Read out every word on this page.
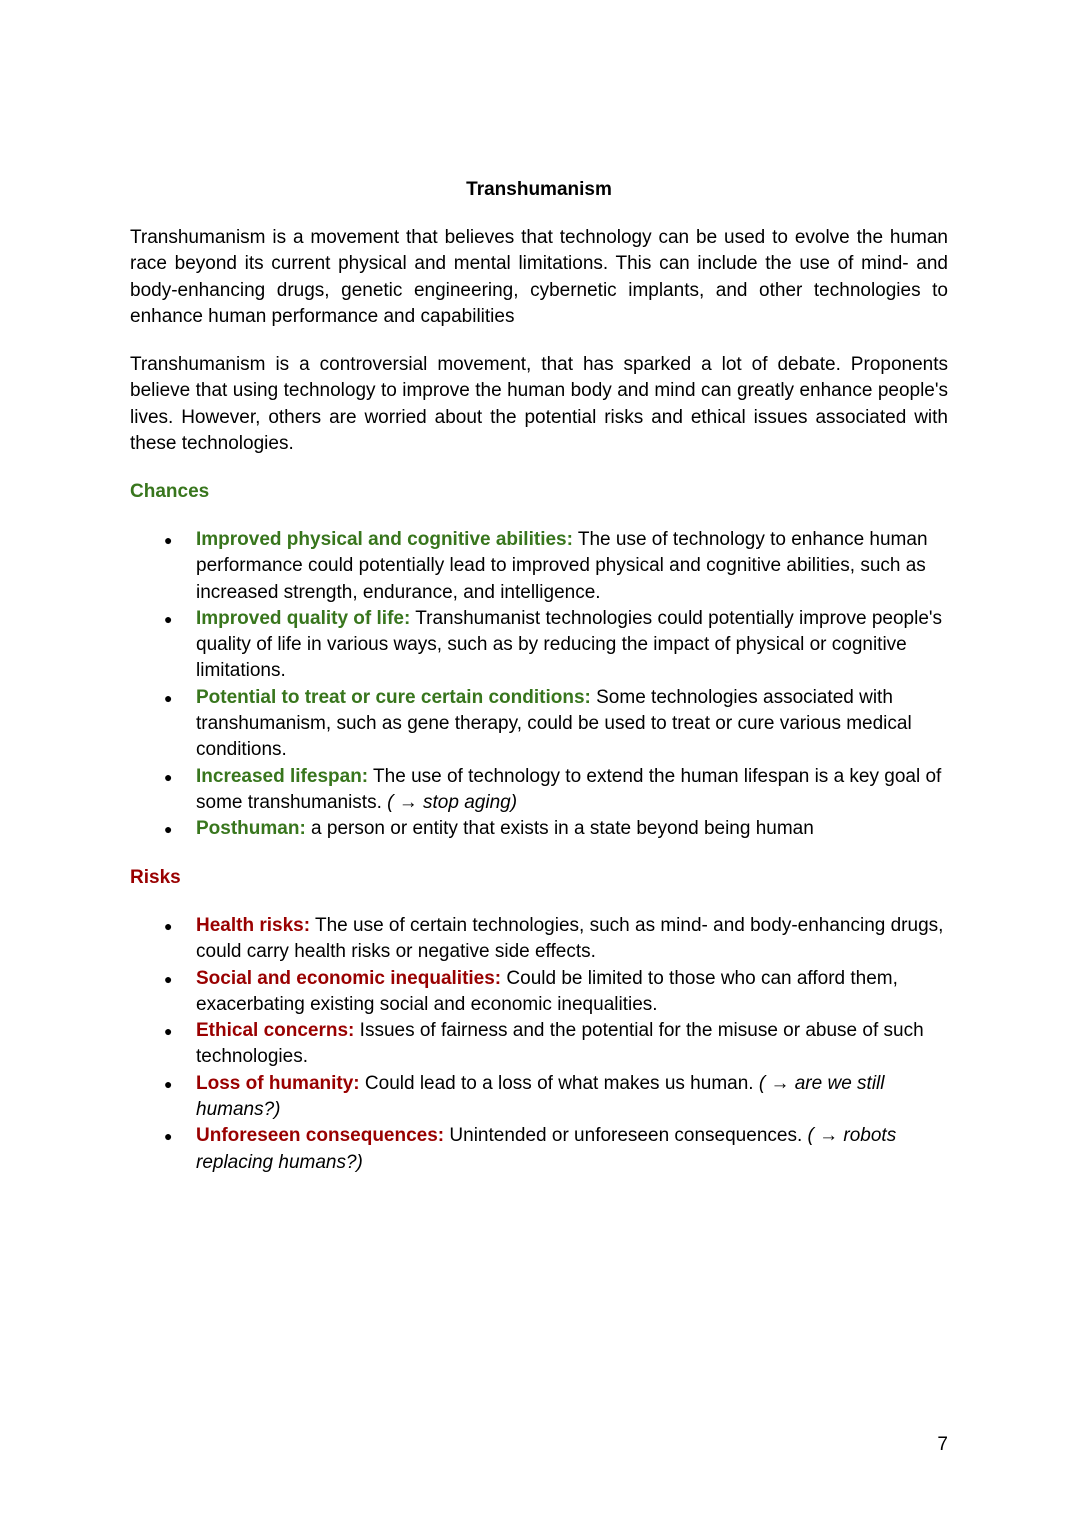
Transhumanism
Transhumanism is a movement that believes that technology can be used to evolve the human race beyond its current physical and mental limitations. This can include the use of mind- and body-enhancing drugs, genetic engineering, cybernetic implants, and other technologies to enhance human performance and capabilities
Transhumanism is a controversial movement, that has sparked a lot of debate. Proponents believe that using technology to improve the human body and mind can greatly enhance people's lives. However, others are worried about the potential risks and ethical issues associated with these technologies.
Chances
● Improved physical and cognitive abilities: The use of technology to enhance human performance could potentially lead to improved physical and cognitive abilities, such as increased strength, endurance, and intelligence.
● Improved quality of life: Transhumanist technologies could potentially improve people's quality of life in various ways, such as by reducing the impact of physical or cognitive limitations.
● Potential to treat or cure certain conditions: Some technologies associated with transhumanism, such as gene therapy, could be used to treat or cure various medical conditions.
● Increased lifespan: The use of technology to extend the human lifespan is a key goal of some transhumanists. ( → stop aging)
● Posthuman: a person or entity that exists in a state beyond being human
Risks
● Health risks: The use of certain technologies, such as mind- and body-enhancing drugs, could carry health risks or negative side effects.
● Social and economic inequalities: Could be limited to those who can afford them, exacerbating existing social and economic inequalities.
● Ethical concerns: Issues of fairness and the potential for the misuse or abuse of such technologies.
● Loss of humanity: Could lead to a loss of what makes us human. ( → are we still humans?)
● Unforeseen consequences: Unintended or unforeseen consequences. ( → robots replacing humans?)
7
